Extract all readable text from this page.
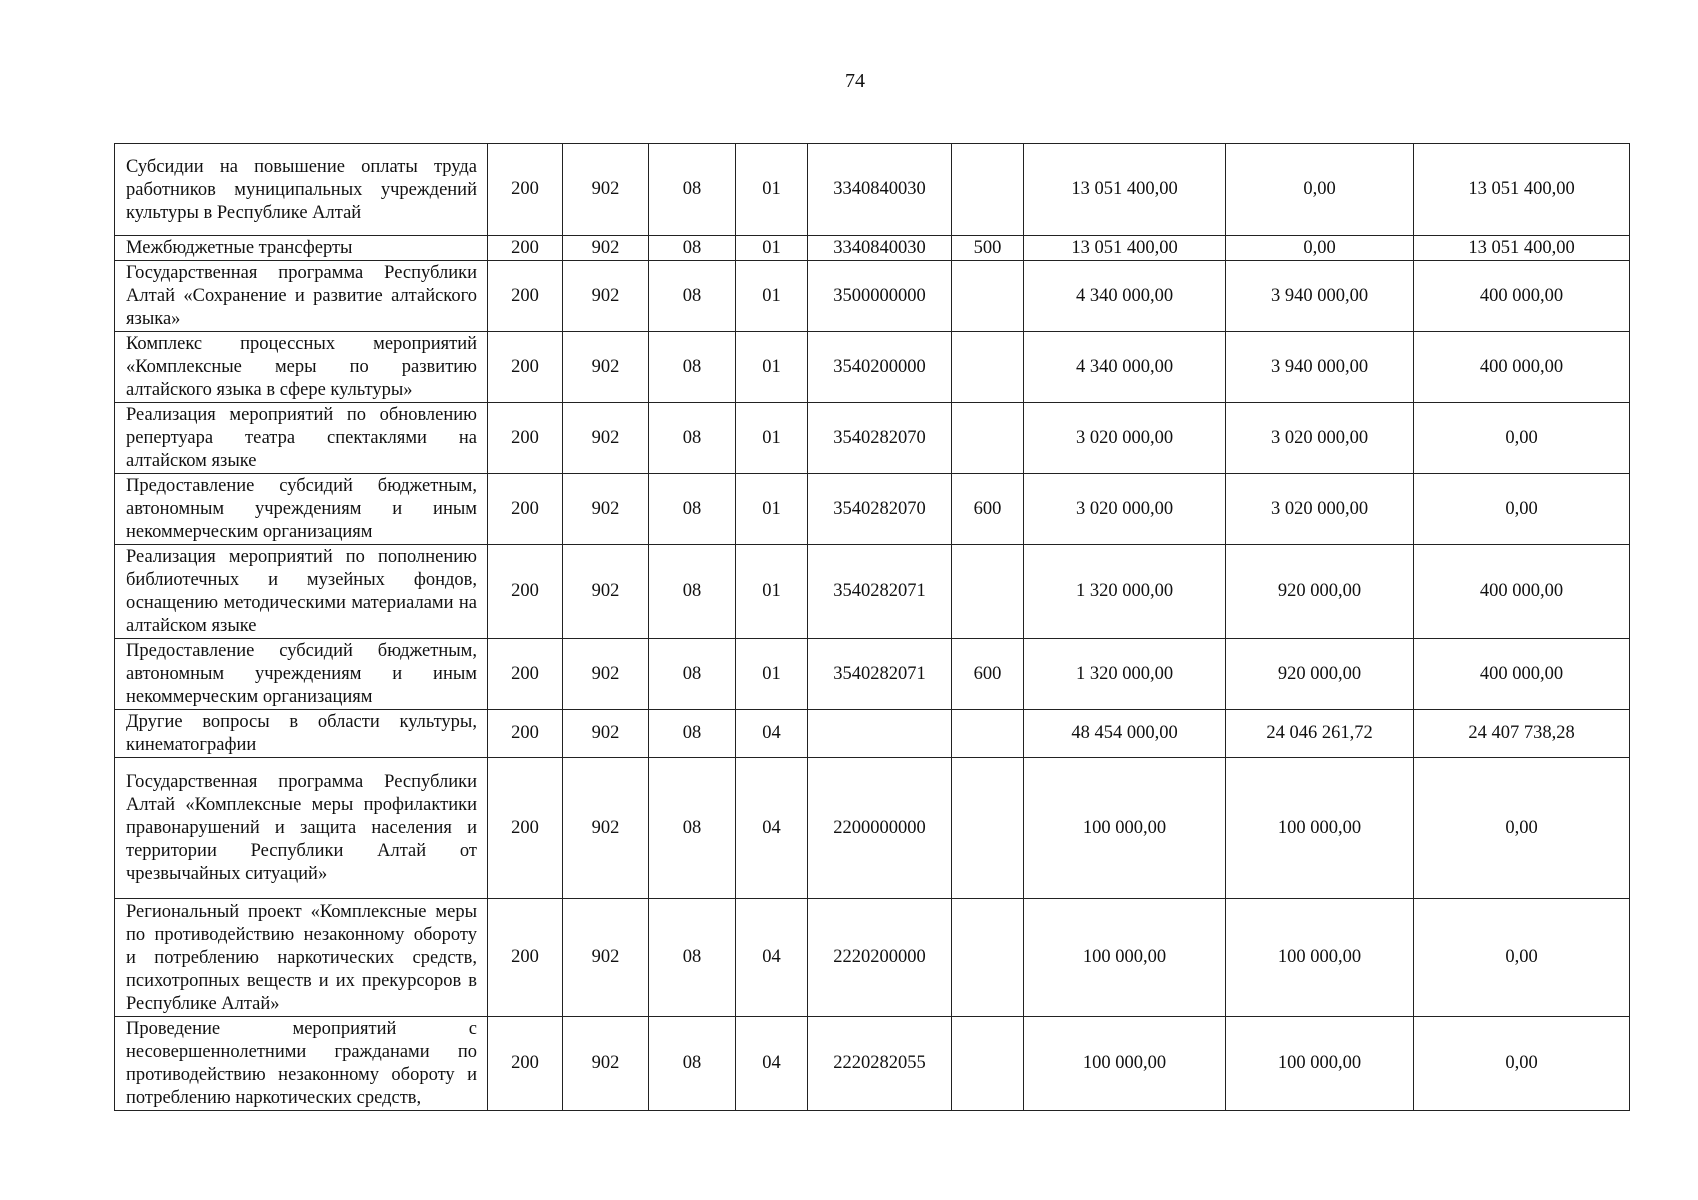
74
Субсидии на повышение оплаты труда работников муниципальных учреждений культуры в Республике Алтай	200	902	08	01	3340840030		13 051 400,00	0,00	13 051 400,00
Межбюджетные трансферты	200	902	08	01	3340840030	500	13 051 400,00	0,00	13 051 400,00
Государственная программа Республики Алтай «Сохранение и развитие алтайского языка»	200	902	08	01	3500000000		4 340 000,00	3 940 000,00	400 000,00
Комплекс процессных мероприятий «Комплексные меры по развитию алтайского языка в сфере культуры»	200	902	08	01	3540200000		4 340 000,00	3 940 000,00	400 000,00
Реализация мероприятий по обновлению репертуара театра спектаклями на алтайском языке	200	902	08	01	3540282070		3 020 000,00	3 020 000,00	0,00
Предоставление субсидий бюджетным, автономным учреждениям и иным некоммерческим организациям	200	902	08	01	3540282070	600	3 020 000,00	3 020 000,00	0,00
Реализация мероприятий по пополнению библиотечных и музейных фондов, оснащению методическими материалами на алтайском языке	200	902	08	01	3540282071		1 320 000,00	920 000,00	400 000,00
Предоставление субсидий бюджетным, автономным учреждениям и иным некоммерческим организациям	200	902	08	01	3540282071	600	1 320 000,00	920 000,00	400 000,00
Другие вопросы в области культуры, кинематографии	200	902	08	04			48 454 000,00	24 046 261,72	24 407 738,28
Государственная программа Республики Алтай «Комплексные меры профилактики правонарушений и защита населения и территории Республики Алтай от чрезвычайных ситуаций»	200	902	08	04	2200000000		100 000,00	100 000,00	0,00
Региональный проект «Комплексные меры по противодействию незаконному обороту и потреблению наркотических средств, психотропных веществ и их прекурсоров в Республике Алтай»	200	902	08	04	2220200000		100 000,00	100 000,00	0,00
Проведение мероприятий с несовершеннолетними гражданами по противодействию незаконному обороту и потреблению наркотических средств,	200	902	08	04	2220282055		100 000,00	100 000,00	0,00
